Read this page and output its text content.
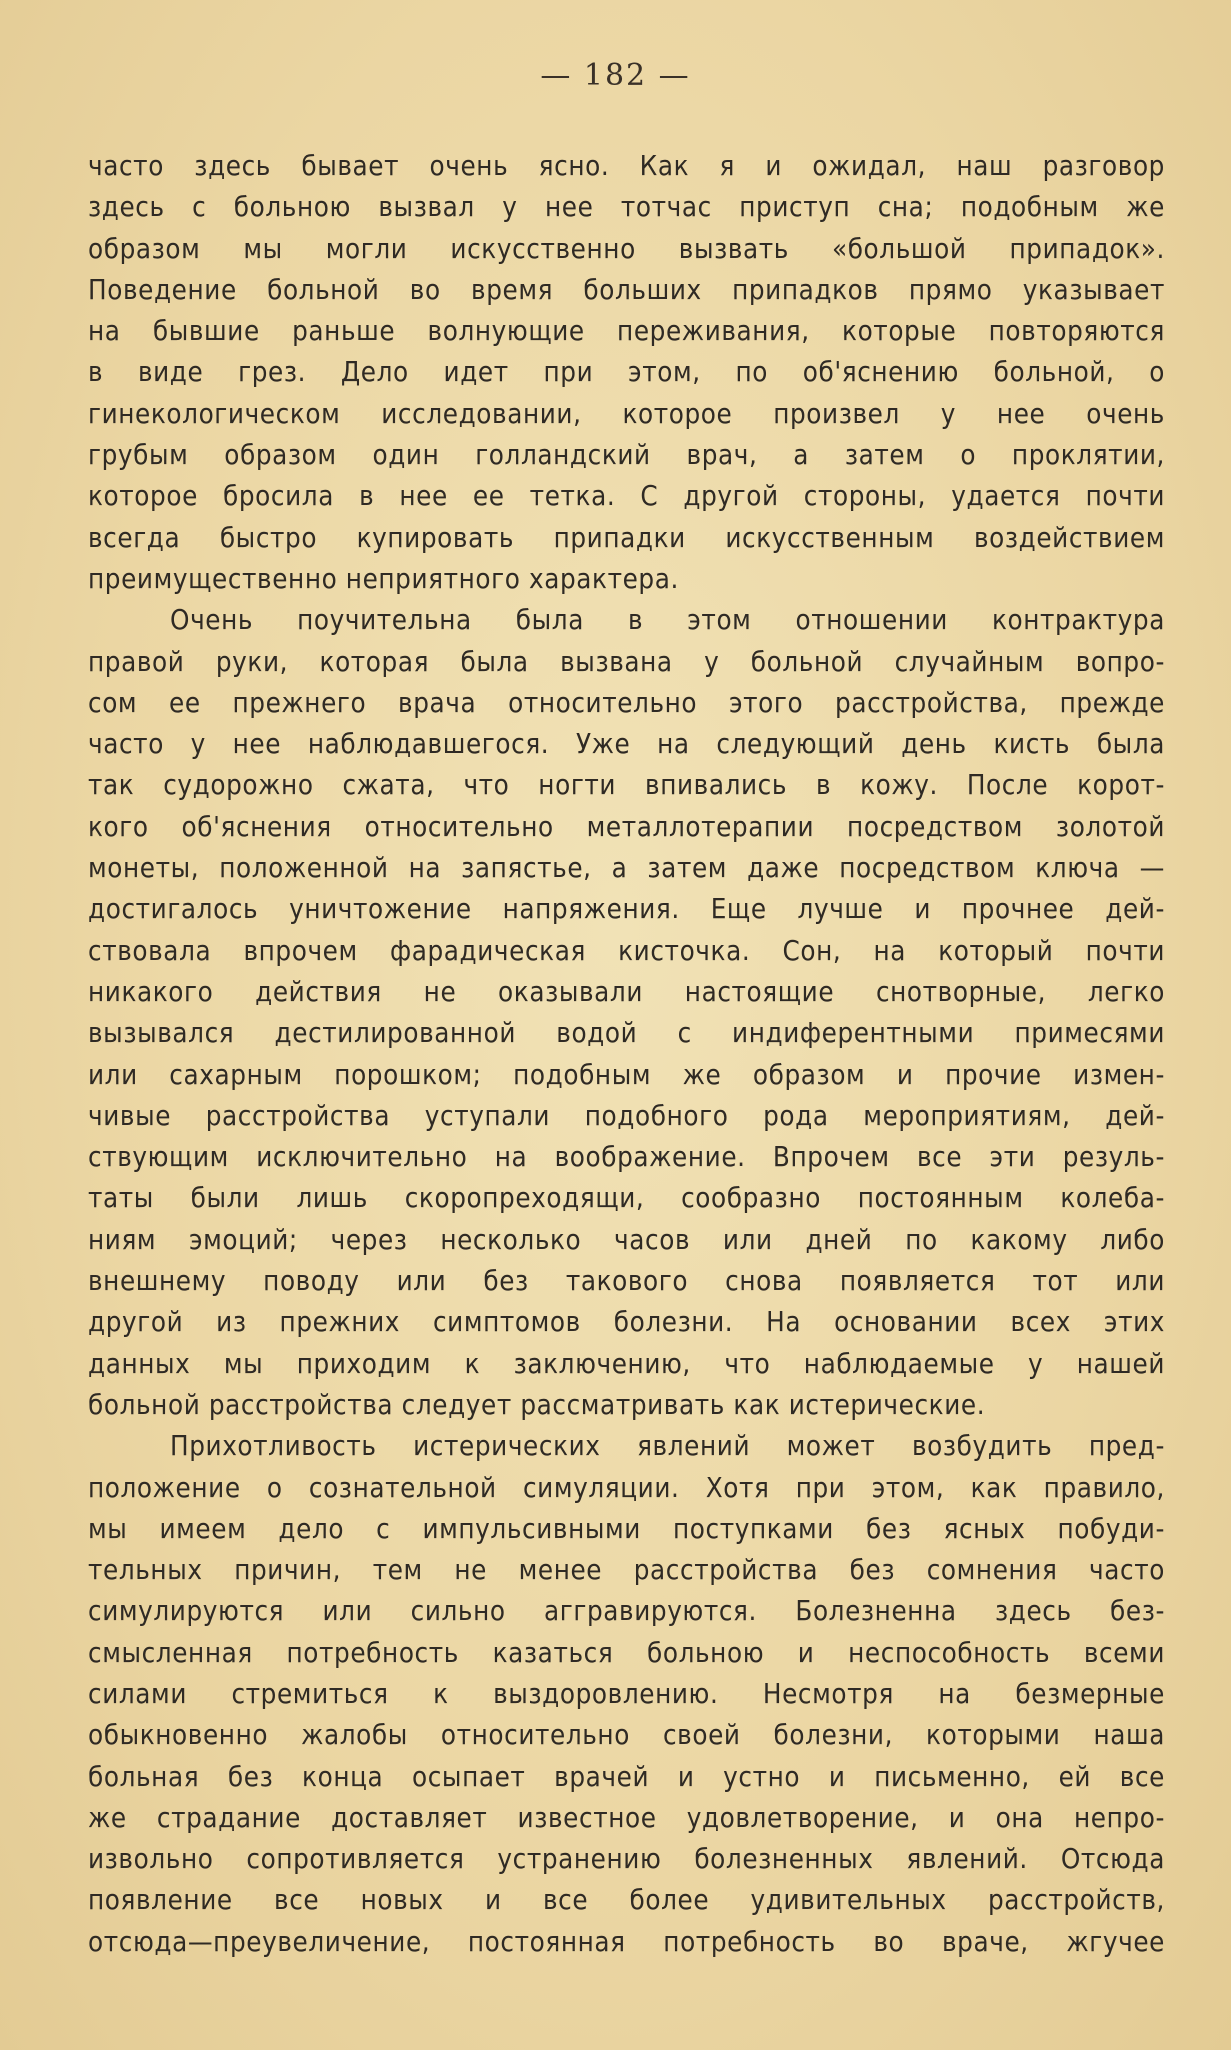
— 182 —
часто здесь бывает очень ясно. Как я и ожидал, наш разговор
здесь с больною вызвал у нее тотчас приступ сна; подобным же
образом мы могли искусственно вызвать «большой припадок».
Поведение больной во время больших припадков прямо указывает
на бывшие раньше волнующие переживания, которые повторяются
в виде грез. Дело идет при этом, по об'яснению больной, о
гинекологическом исследовании, которое произвел у нее очень
грубым образом один голландский врач, а затем о проклятии,
которое бросила в нее ее тетка. С другой стороны, удается почти
всегда быстро купировать припадки искусственным воздействием
преимущественно неприятного характера.
Очень поучительна была в этом отношении контрактура
правой руки, которая была вызвана у больной случайным вопро-
сом ее прежнего врача относительно этого расстройства, прежде
часто у нее наблюдавшегося. Уже на следующий день кисть была
так судорожно сжата, что ногти впивались в кожу. После корот-
кого об'яснения относительно металлотерапии посредством золотой
монеты, положенной на запястье, а затем даже посредством ключа —
достигалось уничтожение напряжения. Еще лучше и прочнее дей-
ствовала впрочем фарадическая кисточка. Сон, на который почти
никакого действия не оказывали настоящие снотворные, легко
вызывался дестилированной водой с индиферентными примесями
или сахарным порошком; подобным же образом и прочие измен-
чивые расстройства уступали подобного рода мероприятиям, дей-
ствующим исключительно на воображение. Впрочем все эти резуль-
таты были лишь скоропреходящи, сообразно постоянным колеба-
ниям эмоций; через несколько часов или дней по какому либо
внешнему поводу или без такового снова появляется тот или
другой из прежних симптомов болезни. На основании всех этих
данных мы приходим к заключению, что наблюдаемые у нашей
больной расстройства следует рассматривать как истерические.
Прихотливость истерических явлений может возбудить пред-
положение о сознательной симуляции. Хотя при этом, как правило,
мы имеем дело с импульсивными поступками без ясных побуди-
тельных причин, тем не менее расстройства без сомнения часто
симулируются или сильно аггравируются. Болезненна здесь без-
смысленная потребность казаться больною и неспособность всеми
силами стремиться к выздоровлению. Несмотря на безмерные
обыкновенно жалобы относительно своей болезни, которыми наша
больная без конца осыпает врачей и устно и письменно, ей все
же страдание доставляет известное удовлетворение, и она непро-
извольно сопротивляется устранению болезненных явлений. Отсюда
появление все новых и все более удивительных расстройств,
отсюда—преувеличение, постоянная потребность во враче, жгучее
